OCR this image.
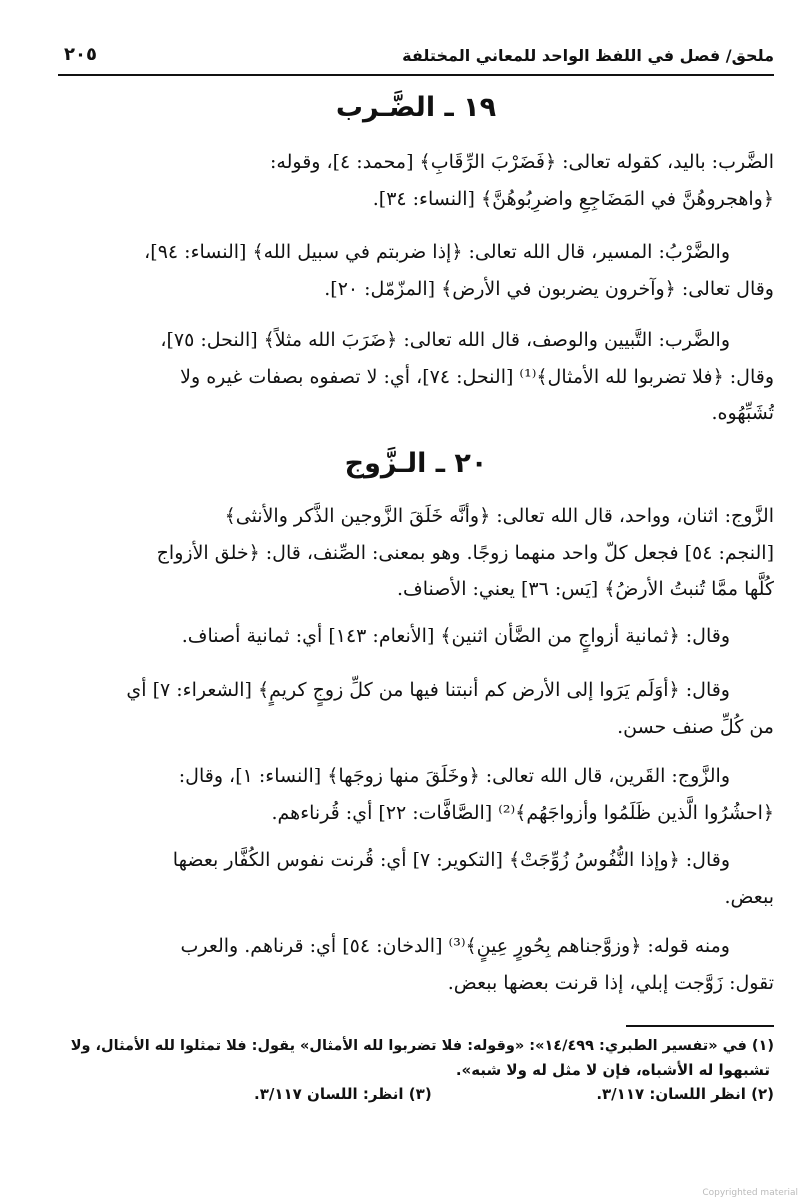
ملحق/ فصل في اللفظ الواحد للمعاني المختلفة
٢٠٥
١٩ ـ الضَّـرب

الضَّرب: باليد، كقوله تعالى: ﴿فَضَرْبَ الرِّقَابِ﴾ [محمد: ٤]، وقوله:
﴿واهجروهُنَّ في المَضَاجِعِ واضرِبُوهُنَّ﴾ [النساء: ٣٤].

والضَّرْبُ: المسير، قال الله تعالى: ﴿إذا ضربتم في سبيل الله﴾ [النساء: ٩٤]،
وقال تعالى: ﴿وآخرون يضربون في الأرض﴾ [المزّمّل: ٢٠].

والضَّرب: التَّبيين والوصف، قال الله تعالى: ﴿ضَرَبَ الله مثلاً﴾ [النحل: ٧٥]،
وقال: ﴿فلا تضربوا لله الأمثال﴾⁽¹⁾ [النحل: ٧٤]، أي: لا تصفوه بصفات غيره ولا
تُشَبِّهُوه.

٢٠ ـ الـزَّوج

الزَّوج: اثنان، وواحد، قال الله تعالى: ﴿وأنَّه خَلَقَ الزَّوجين الذَّكر والأنثى﴾
[النجم: ٥٤] فجعل كلّ واحد منهما زوجًا. وهو بمعنى: الصِّنف، قال: ﴿خلق الأزواج
كُلَّها ممَّا تُنبتُ الأرضُ﴾ [يَس: ٣٦] يعني: الأصناف.

وقال: ﴿ثمانية أزواجٍ من الضَّأن اثنين﴾ [الأنعام: ١٤٣] أي: ثمانية أصناف.

وقال: ﴿أوَلَم يَرَوا إلى الأرض كم أنبتنا فيها من كلِّ زوجٍ كريمٍ﴾ [الشعراء: ٧] أي
من كُلِّ صنف حسن.

والزَّوج: القَرين، قال الله تعالى: ﴿وخَلَقَ منها زوجَها﴾ [النساء: ١]، وقال:
﴿احشُرُوا الَّذين ظَلَمُوا وأزواجَهُم﴾⁽²⁾ [الصَّافَّات: ٢٢] أي: قُرناءهم.

وقال: ﴿وإذا النُّفُوسُ زُوِّجَتْ﴾ [التكوير: ٧] أي: قُرنت نفوس الكُفَّار بعضها
ببعض.

ومنه قوله: ﴿وزوَّجناهم بِحُورٍ عِينٍ﴾⁽³⁾ [الدخان: ٥٤] أي: قرناهم. والعرب
تقول: زَوَّجت إبلي، إذا قرنت بعضها ببعض.

(١) في «تفسير الطبري: ١٤/٤٩٩»: «وقوله: فلا تضربوا لله الأمثال» يقول: فلا تمثلوا لله الأمثال، ولا
تشبهوا له الأشباه، فإن لا مثل له ولا شبه».
(٢) انظر اللسان: ٣/١١٧.
(٣) انظر: اللسان ٣/١١٧.
Copyrighted material
